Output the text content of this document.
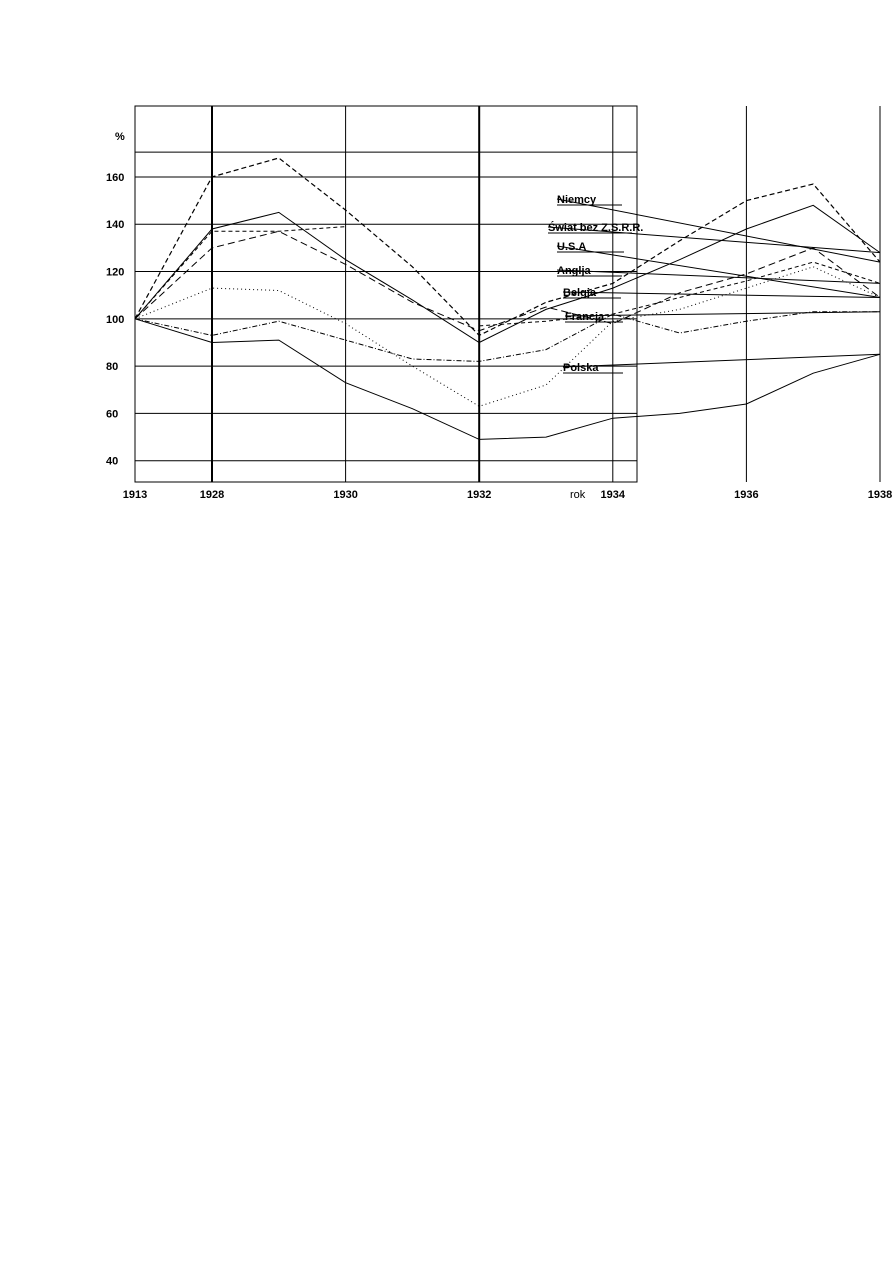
40
60
80
100
120
140
160
1913	1928	1930	1932	1934	1936	1938
Niemcy
Świat bez Z.S.R.R.
U.S.A
Anglja
Belgja
Francja
Polska
%
rok
